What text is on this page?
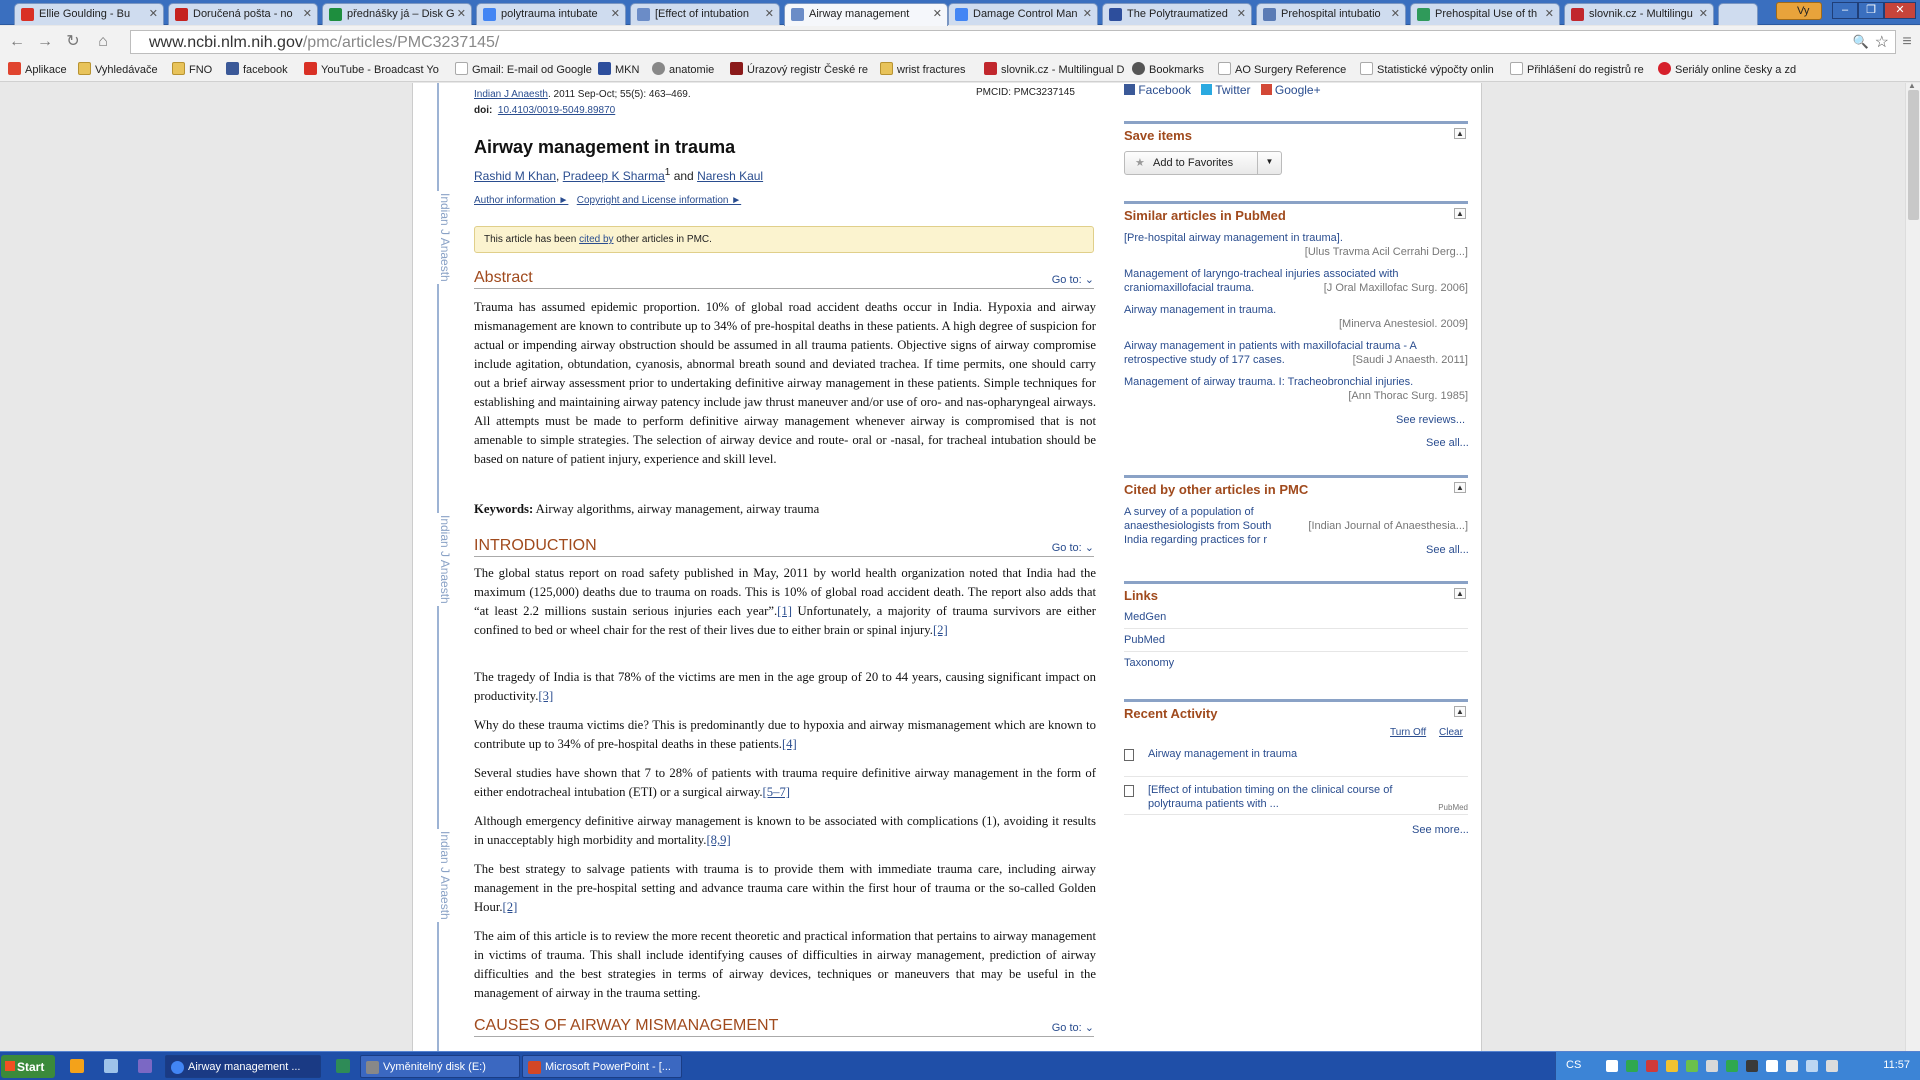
Ellie Goulding - Bu	✕	Doručená pošta - no ✕	přednášky já – Disk G ✕	polytrauma intubate	✕	[Effect of intubation	✕	Airway management	✕	Damage Control Man ✕	The Polytraumatized ✕	Prehospital intubatio ✕	Prehospital Use of th ✕	slovnik.cz - Multilingu ✕	Vy	–	❐	✕
← → ↻	⌂	www.ncbi.nlm.nih.gov/pmc/articles/PMC3237145/	🔍 ☆ ≡
Aplikace	Vyhledávače	FNO	facebook	YouTube - Broadcast Yo	Gmail: E-mail od Google	MKN	anatomie	Úrazový registr České re	wrist fractures	slovnik.cz - Multilingual D	Bookmarks	AO Surgery Reference	Statistické výpočty onlin	Přihlášení do registrů re	Seriály online česky a zd
Indian J Anaesth
Indian J Anaesth
Indian J Anaesth
Indian J Anaesth. 2011 Sep-Oct; 55(5): 463–469.
doi: 10.4103/0019-5049.89870
PMCID: PMC3237145
Airway management in trauma
Rashid M Khan, Pradeep K Sharma$^1$ and Naresh Kaul
Author information ► Copyright and License information ►
This article has been cited by other articles in PMC.
Abstract	Go to: ⌄
Trauma has assumed epidemic proportion. 10% of global road accident deaths occur in India. Hypoxia and airway mismanagement are known to contribute up to 34% of pre-hospital deaths in these patients. A high degree of suspicion for actual or impending airway obstruction should be assumed in all trauma patients. Objective signs of airway compromise include agitation, obtundation, cyanosis, abnormal breath sound and deviated trachea. If time permits, one should carry out a brief airway assessment prior to undertaking definitive airway management in these patients. Simple techniques for establishing and maintaining airway patency include jaw thrust maneuver and/or use of oro- and nas-opharyngeal airways. All attempts must be made to perform definitive airway management whenever airway is compromised that is not amenable to simple strategies. The selection of airway device and route- oral or -nasal, for tracheal intubation should be based on nature of patient injury, experience and skill level.
Keywords: Airway algorithms, airway management, airway trauma
INTRODUCTION	Go to: ⌄
The global status report on road safety published in May, 2011 by world health organization noted that India had the maximum (125,000) deaths due to trauma on roads. This is 10% of global road accident death. The report also adds that “at least 2.2 millions sustain serious injuries each year”.[1] Unfortunately, a majority of trauma survivors are either confined to bed or wheel chair for the rest of their lives due to either brain or spinal injury.[2]
The tragedy of India is that 78% of the victims are men in the age group of 20 to 44 years, causing significant impact on productivity.[3]
Why do these trauma victims die? This is predominantly due to hypoxia and airway mismanagement which are known to contribute up to 34% of pre-hospital deaths in these patients.[4]
Several studies have shown that 7 to 28% of patients with trauma require definitive airway management in the form of either endotracheal intubation (ETI) or a surgical airway.[5–7]
Although emergency definitive airway management is known to be associated with complications (1), avoiding it results in unacceptably high morbidity and mortality.[8,9]
The best strategy to salvage patients with trauma is to provide them with immediate trauma care, including airway management in the pre-hospital setting and advance trauma care within the first hour of trauma or the so-called Golden Hour.[2]
The aim of this article is to review the more recent theoretic and practical information that pertains to airway management in victims of trauma. This shall include identifying causes of difficulties in airway management, prediction of airway difficulties and the best strategies in terms of airway devices, techniques or maneuvers that may be useful in the management of airway in the trauma setting.
CAUSES OF AIRWAY MISMANAGEMENT	Go to: ⌄
Facebook Twitter Google+
Save items	▲
★ Add to Favorites	▼
Similar articles in PubMed	▲
[Pre-hospital airway management in trauma].
[Ulus Travma Acil Cerrahi Derg...]
Management of laryngo-tracheal injuries associated with craniomaxillofacial trauma.	[J Oral Maxillofac Surg. 2006]
Airway management in trauma.
[Minerva Anestesiol. 2009]
Airway management in patients with maxillofacial trauma - A retrospective study of 177 cases.	[Saudi J Anaesth. 2011]
Management of airway trauma. I: Tracheobronchial injuries.
[Ann Thorac Surg. 1985]
See reviews...
See all...
Cited by other articles in PMC	▲
A survey of a population of anaesthesiologists from South India regarding practices for r
[Indian Journal of Anaesthesia...]
See all...
Links	▲
MedGen
PubMed
Taxonomy
Recent Activity	▲
Turn Off Clear
Airway management in trauma
[Effect of intubation timing on the clinical course of polytrauma patients with ...	PubMed
See more...
▲
Start	Airway management ...	Vyměnitelný disk (E:)	Microsoft PowerPoint - [...	CS	11:57
